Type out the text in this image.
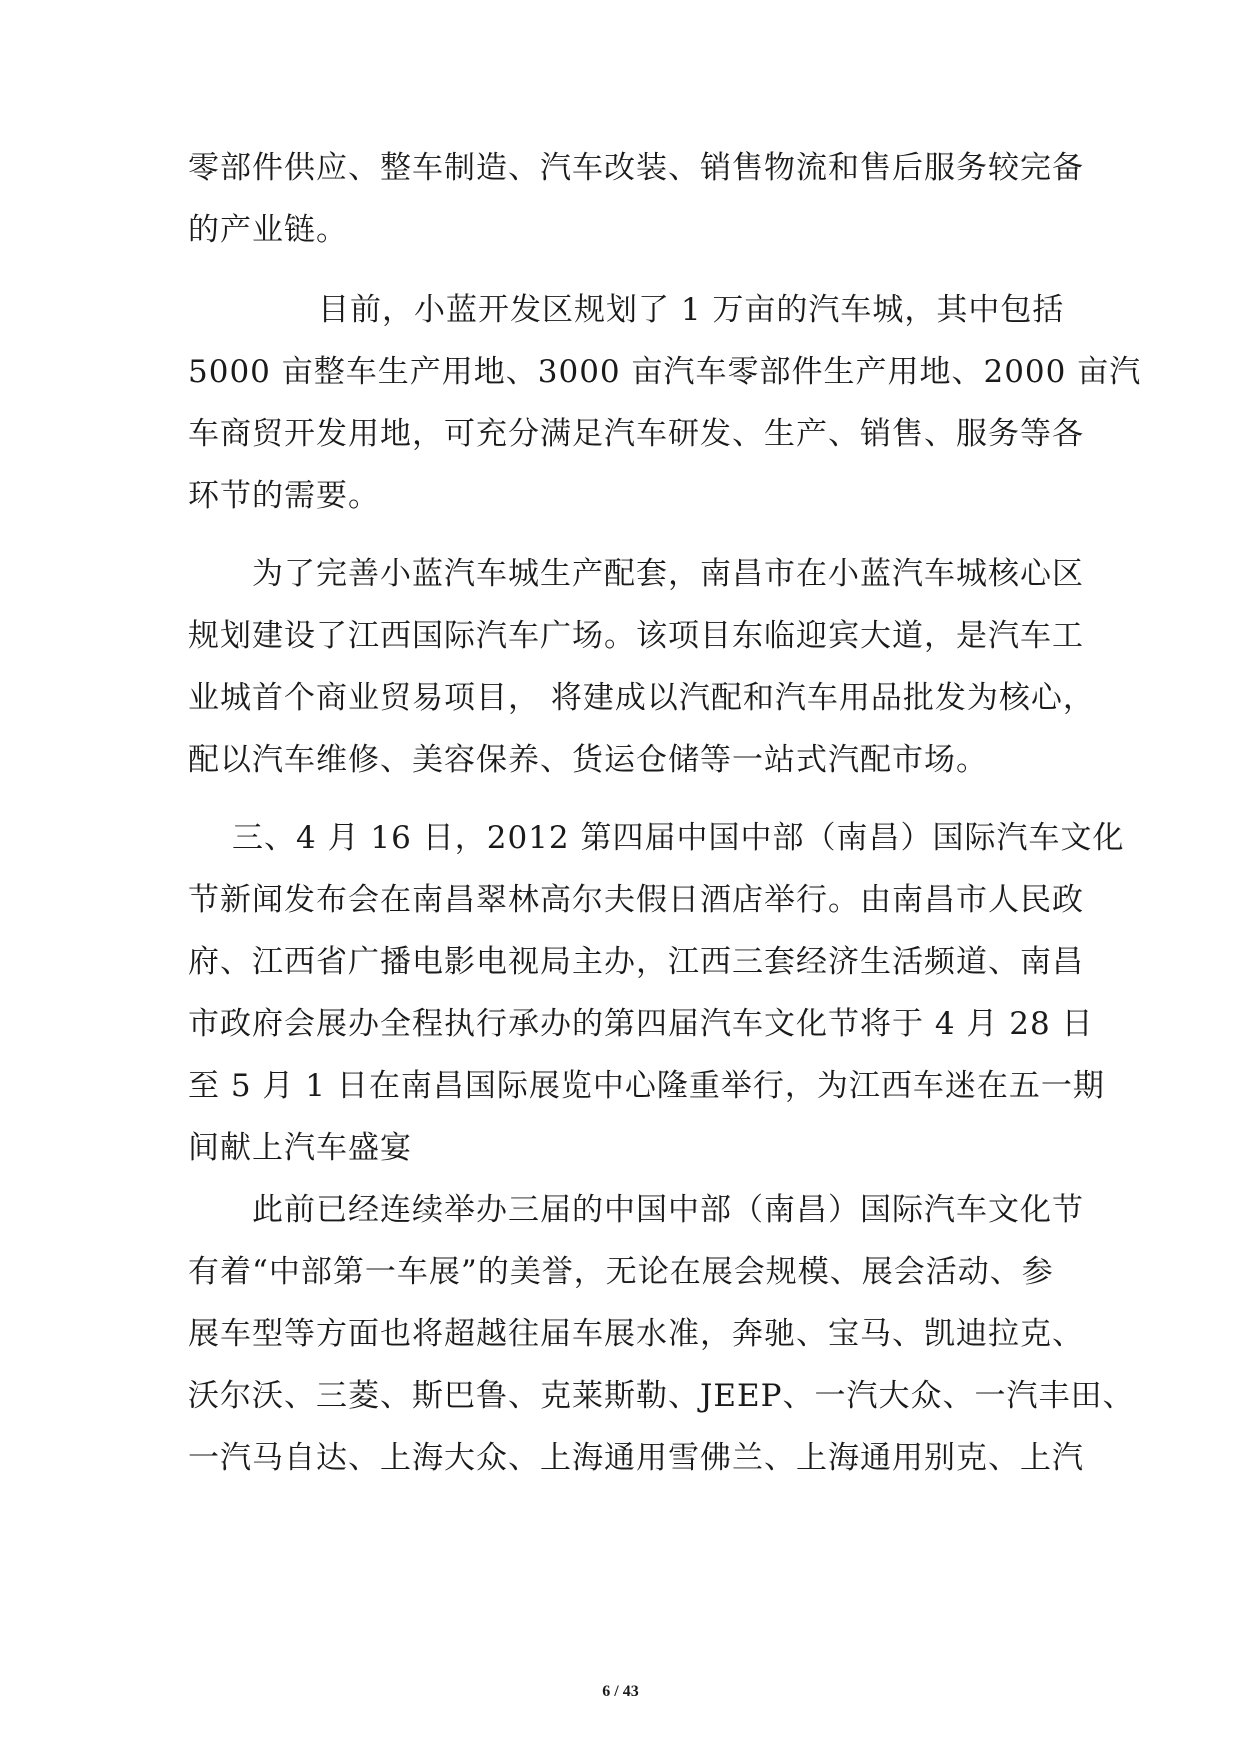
零部件供应、整车制造、汽车改装、销售物流和售后服务较完备
的产业链。
目前，小蓝开发区规划了 1 万亩的汽车城，其中包括
5000 亩整车生产用地、3000 亩汽车零部件生产用地、2000 亩汽
车商贸开发用地，可充分满足汽车研发、生产、销售、服务等各
环节的需要。
为了完善小蓝汽车城生产配套，南昌市在小蓝汽车城核心区
规划建设了江西国际汽车广场。该项目东临迎宾大道，是汽车工
业城首个商业贸易项目， 将建成以汽配和汽车用品批发为核心，
配以汽车维修、美容保养、货运仓储等一站式汽配市场。
三、4 月 16 日，2012 第四届中国中部（南昌）国际汽车文化
节新闻发布会在南昌翠林高尔夫假日酒店举行。由南昌市人民政
府、江西省广播电影电视局主办，江西三套经济生活频道、南昌
市政府会展办全程执行承办的第四届汽车文化节将于 4 月 28 日
至 5 月 1 日在南昌国际展览中心隆重举行，为江西车迷在五一期
间献上汽车盛宴
此前已经连续举办三届的中国中部（南昌）国际汽车文化节
有着“中部第一车展”的美誉，无论在展会规模、展会活动、参
展车型等方面也将超越往届车展水准，奔驰、宝马、凯迪拉克、
沃尔沃、三菱、斯巴鲁、克莱斯勒、JEEP、一汽大众、一汽丰田、
一汽马自达、上海大众、上海通用雪佛兰、上海通用别克、上汽
6 / 43
